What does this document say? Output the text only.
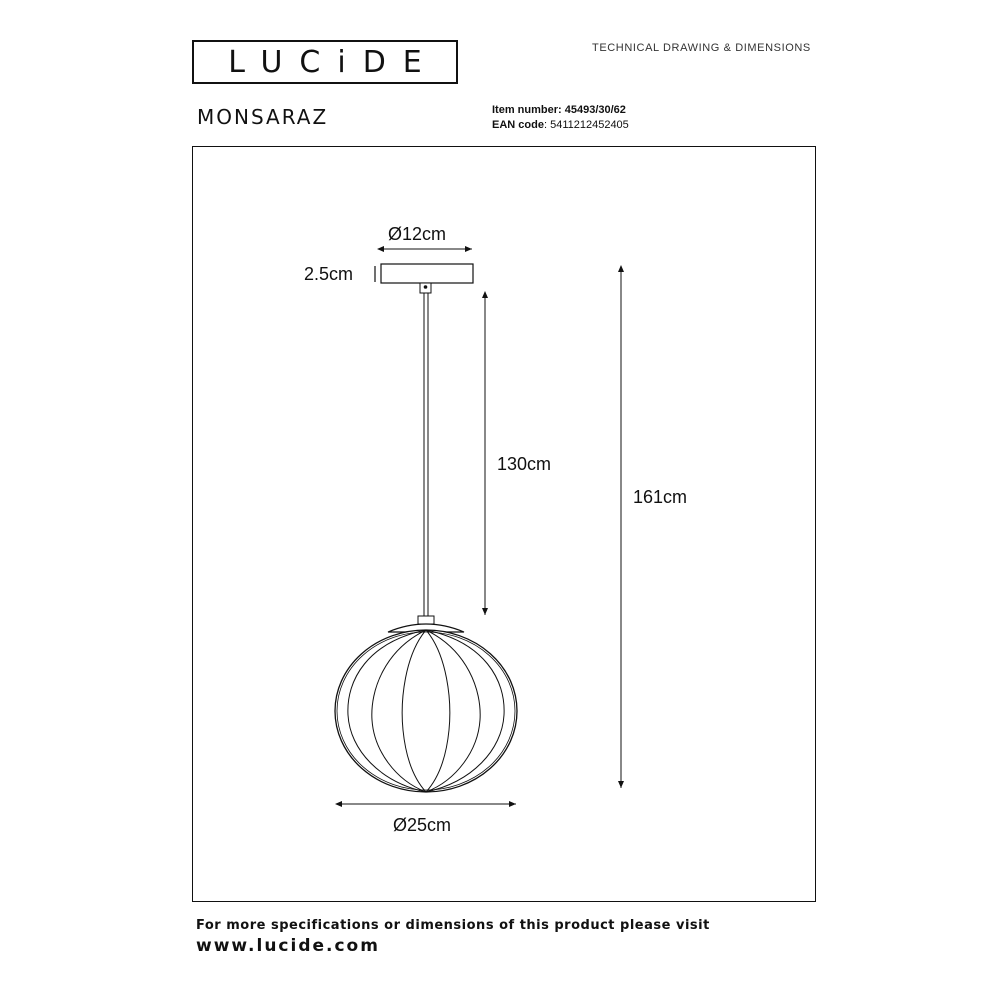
LUCiDE	TECHNICAL DRAWING & DIMENSIONS
MONSARAZ	Item number: 45493/30/62
EAN code: 5411212452405
Ø12cm
2.5cm
130cm
161cm
Ø25cm
For more specifications or dimensions of this product please visit
www.lucide.com
